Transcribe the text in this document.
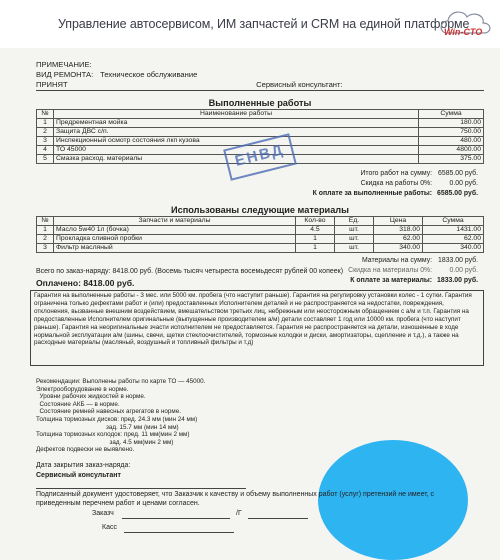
Управление автосервисом, ИМ запчастей и CRM на единой платформе
Win-CTO
ПРИМЕЧАНИЕ:
ВИД РЕМОНТА: Техническое обслуживание
ПРИНЯТ	Сервисный консультант:
Выполненные работы
№	Наименование работы	Сумма
1	Предрементная мойка	180.00
2	Защита ДВС с/п.	750.00
3	Инспекционный осмотр состояния лкп кузова	480.00
4	ТО 45000	4800.00
5	Смазка расход. материалы	375.00
ЕНВД
Итого работ на сумму: 6585.00 руб.
Скидка на работы 0%:	0.00 руб.
К оплате за выполненные работы: 6585.00 руб.
Использованы следующие материалы
№	Запчасти и материалы	Кол-во	Ед.	Цена	Сумма
1	Масло 5w40 1л (бочка)	4.5	шт.	318.00	1431.00
2	Прокладка сливной пробки	1	шт.	62.00	62.00
3	Фильтр масляный	1	шт.	340.00	340.00
Материалы на сумму: 1833.00 руб.
Скидка на материалы 0%:	0.00 руб.
К оплате за материалы: 1833.00 руб.
Всего по заказ-наряду: 8418.00 руб. (Восемь тысяч четыреста восемьдесят рублей 00 копеек)
Оплачено: 8418.00 руб.
Гарантия на выполненные работы - 3 мес. или 5000 км. пробега (что наступит раньше). Гарантия на регулировку установки колес - 1 сутки. Гарантия ограничена только дефектами работ и (или) предоставленных Исполнителем деталей и не распространяется на недостатки, повреждения, отклонения, вызванные внешним воздействием, вмешательством третьих лиц, небрежным или неосторожным обращением с а/м и т.п. Гарантия на предоставленные Исполнителем оригинальные (выпущенные производителем а/м) детали составляет 1 год или 10000 км. пробега (что наступит раньше). Гарантия на неоригинальные зчасти исполнителем не предоставляется. Гарантия не распространяется на детали, изношенные в ходе нормальной эксплуатации а/м (шины, свечи, щетки стеклоочистителей, тормозные колодки и диски, амортизаторы, сцепление и т.д.), а также на расходные материалы (масляный, воздушный и топливный фильтры и т.д)
Рекомендации: Выполнены работы по карте ТО — 45000.
Электрооборудование в норме.
Уровни рабочих жидкостей в норме.
Состояние АКБ — в норме.
Состояние ремней навесных агрегатов в норме.
Толщина тормозных дисков: пред. 24.3 мм (мин 24 мм)
зад. 15.7 мм (мин 14 мм)
Толщина тормозных колодок: пред. 11 мм(мин 2 мм)
зад. 4.5 мм(мин 2 мм)
Дефектов подвески не выявлено.
Дата закрытия заказ-наряда:
Сервисный консультант
Подписанный документ удостоверяет, что Заказчик к качеству и объему выполненных работ (услуг) претензий не имеет, с приведенным перечнем работ и ценами согласен.
Заказч	/Г
Касс
